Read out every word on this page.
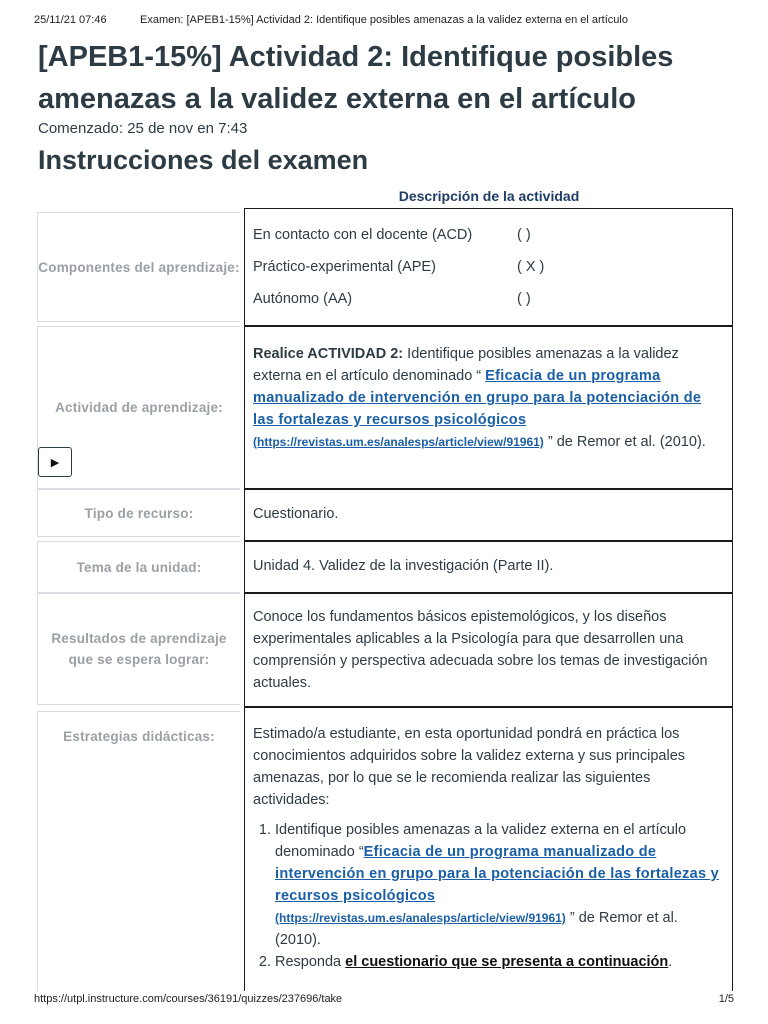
25/11/21 07:46	Examen: [APEB1-15%] Actividad 2: Identifique posibles amenazas a la validez externa en el artículo
[APEB1-15%] Actividad 2: Identifique posibles amenazas a la validez externa en el artículo
Comenzado: 25 de nov en 7:43
Instrucciones del examen
Descripción de la actividad
Componentes del aprendizaje:
En contacto con el docente (ACD)	( )
Práctico-experimental (APE)	( X )
Autónomo (AA)	( )
Actividad de aprendizaje:
Realice ACTIVIDAD 2: Identifique posibles amenazas a la validez externa en el artículo denominado “ Eficacia de un programa manualizado de intervención en grupo para la potenciación de las fortalezas y recursos psicológicos
(https://revistas.um.es/analesps/article/view/91961) ” de Remor et al. (2010).
▶
Tipo de recurso:	Cuestionario.
Tema de la unidad:	Unidad 4. Validez de la investigación (Parte II).
Resultados de aprendizaje que se espera lograr:
Conoce los fundamentos básicos epistemológicos, y los diseños experimentales aplicables a la Psicología para que desarrollen una comprensión y perspectiva adecuada sobre los temas de investigación actuales.
Estrategias didácticas:	Estimado/a estudiante, en esta oportunidad pondrá en práctica los conocimientos adquiridos sobre la validez externa y sus principales amenazas, por lo que se le recomienda realizar las siguientes actividades:
1. Identifique posibles amenazas a la validez externa en el artículo denominado “Eficacia de un programa manualizado de intervención en grupo para la potenciación de las fortalezas y recursos psicológicos
(https://revistas.um.es/analesps/article/view/91961) ” de Remor et al. (2010).
2. Responda el cuestionario que se presenta a continuación.
https://utpl.instructure.com/courses/36191/quizzes/237696/take	1/5
